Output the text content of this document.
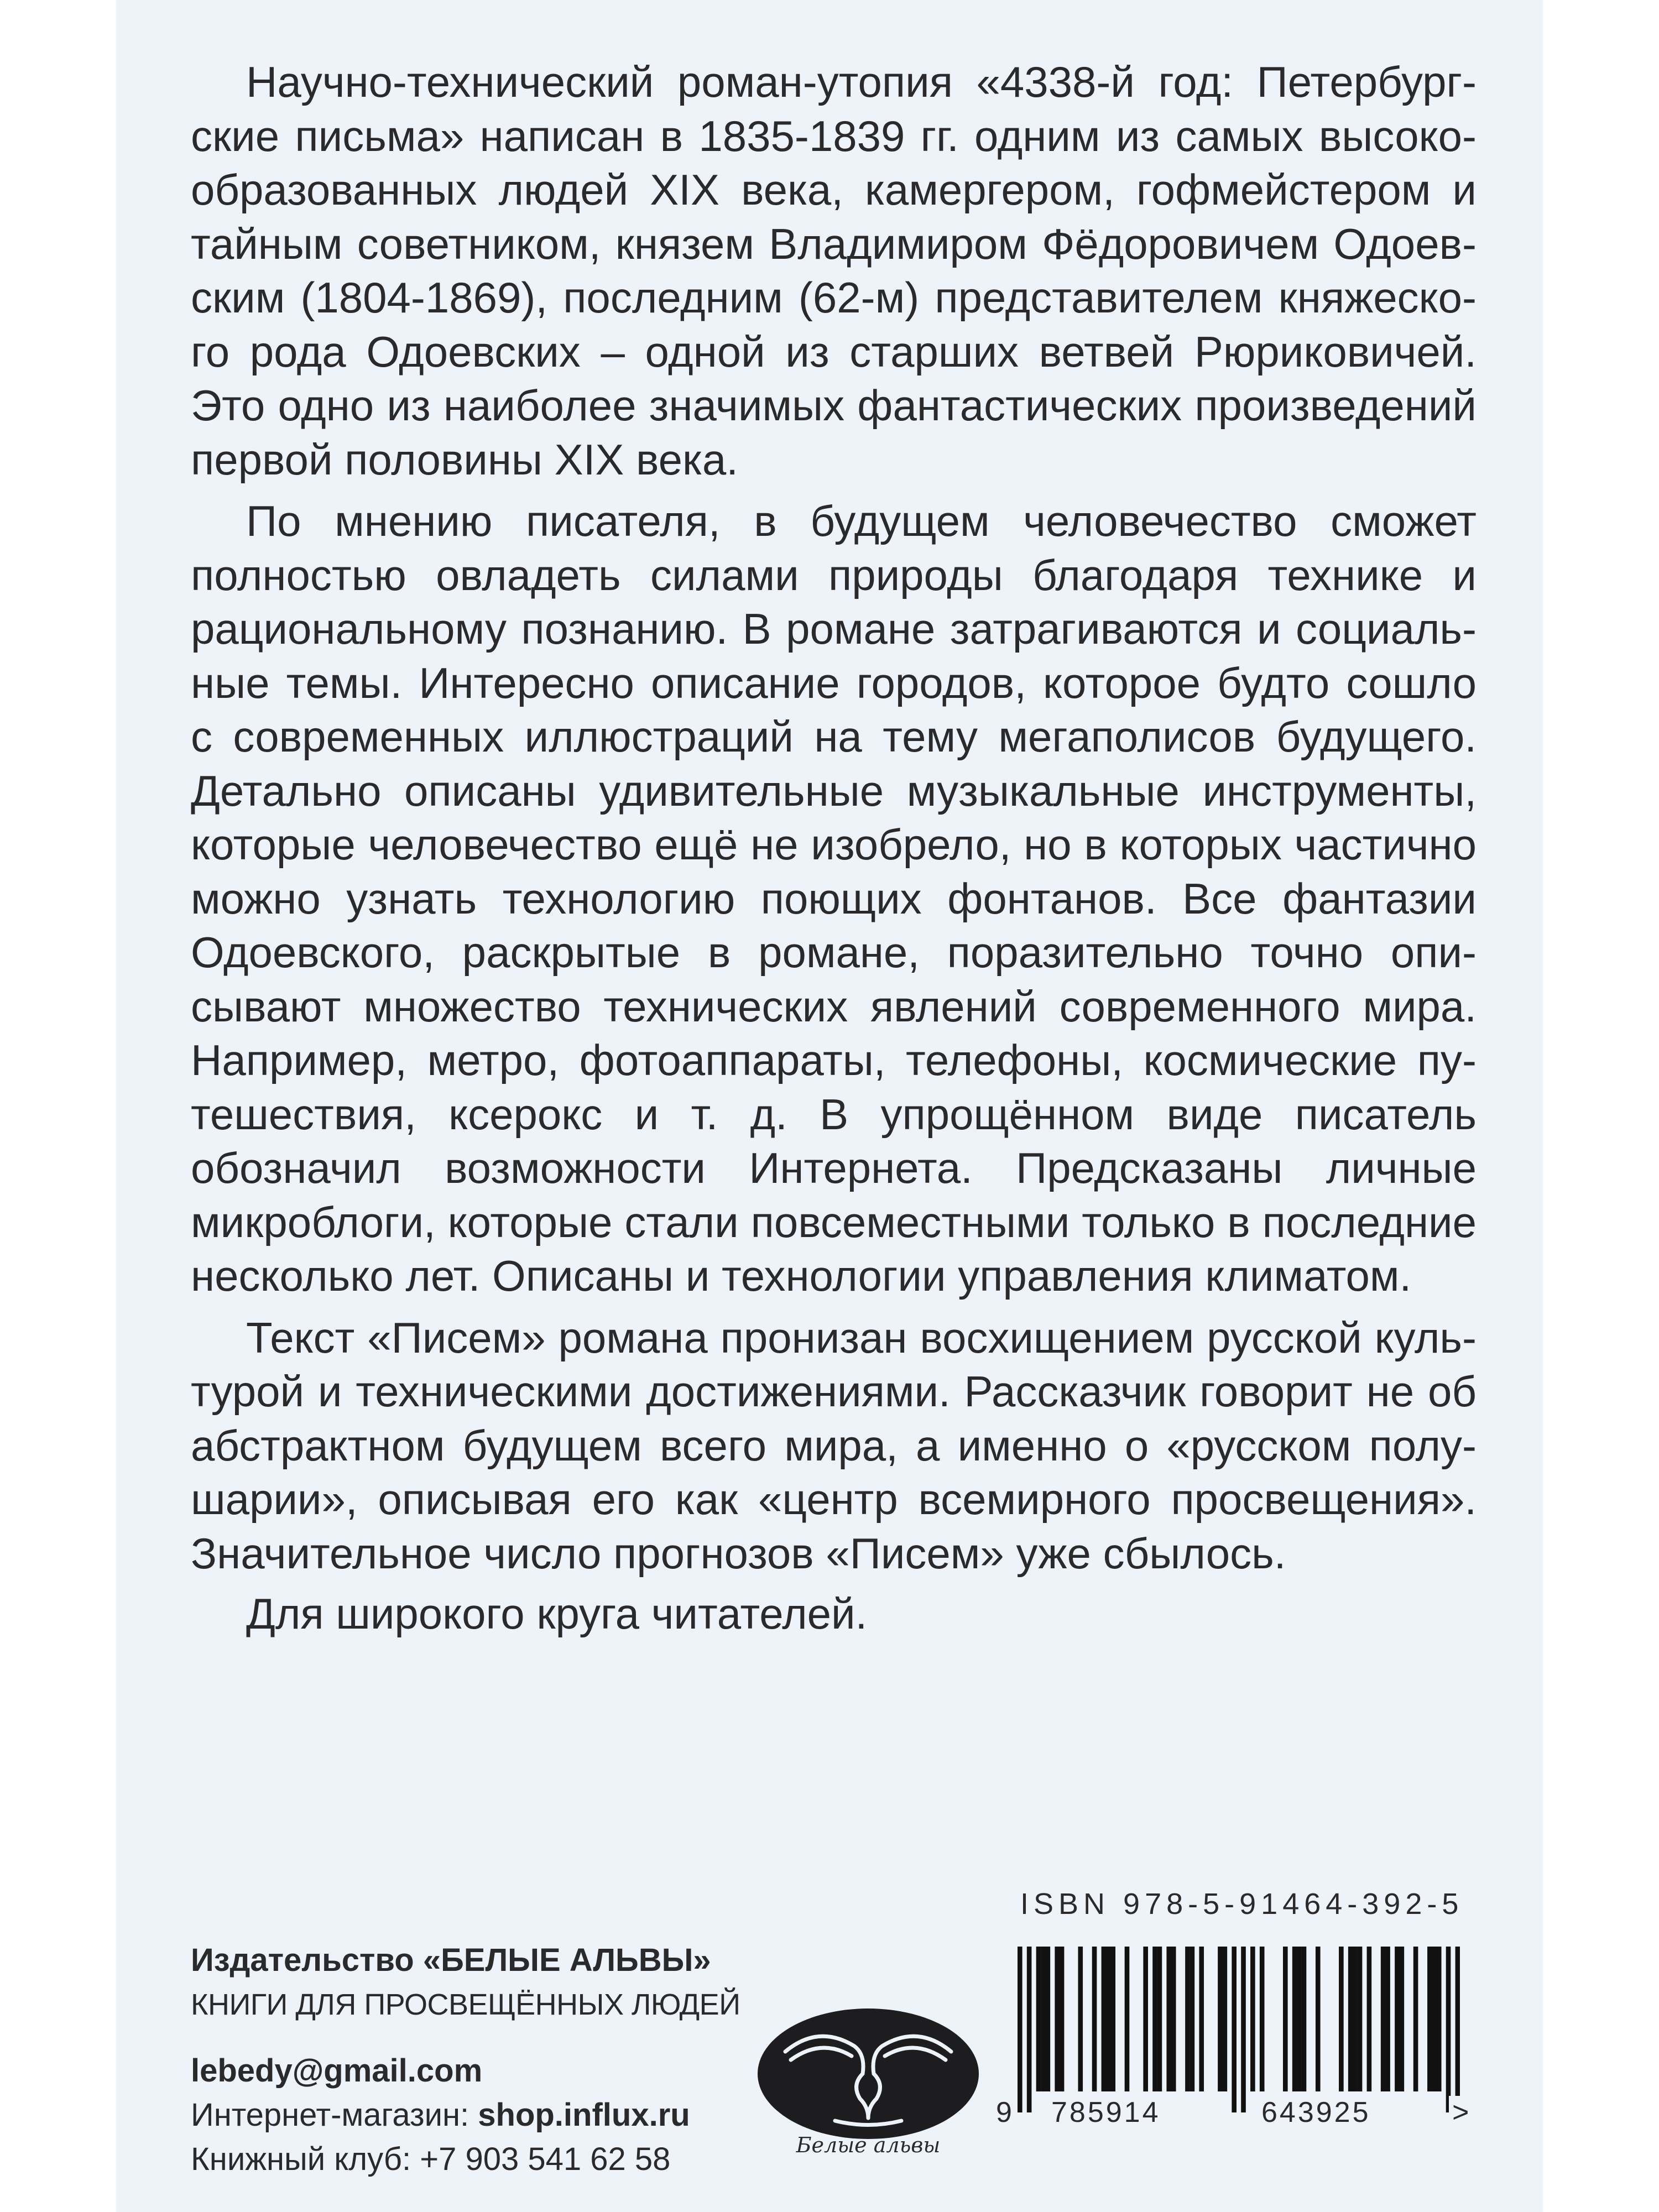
Научно-технический роман-утопия «4338-й год: Петербургские письма» написан в 1835-1839 гг. одним из самых высокообразованных людей XIX века, камергером, гофмейстером и тайным советником, князем Владимиром Фёдоровичем Одоевским (1804-1869), последним (62-м) представителем княжеского рода Одоевских – одной из старших ветвей Рюриковичей. Это одно из наиболее значимых фантастических произведений первой половины XIX века.

По мнению писателя, в будущем человечество сможет полностью овладеть силами природы благодаря технике и рациональному познанию. В романе затрагиваются и социальные темы. Интересно описание городов, которое будто сошло с современных иллюстраций на тему мегаполисов будущего. Детально описаны удивительные музыкальные инструменты, которые человечество ещё не изобрело, но в которых частично можно узнать технологию поющих фонтанов. Все фантазии Одоевского, раскрытые в романе, поразительно точно описывают множество технических явлений современного мира. Например, метро, фотоаппараты, телефоны, космические путешествия, ксерокс и т. д. В упрощённом виде писатель обозначил возможности Интернета. Предсказаны личные микроблоги, которые стали повсеместными только в последние несколько лет. Описаны и технологии управления климатом.

Текст «Писем» романа пронизан восхищением русской культурой и техническими достижениями. Рассказчик говорит не об абстрактном будущем всего мира, а именно о «русском полушарии», описывая его как «центр всемирного просвещения». Значительное число прогнозов «Писем» уже сбылось.

Для широкого круга читателей.
Издательство «БЕЛЫЕ АЛЬВЫ»
КНИГИ ДЛЯ ПРОСВЕЩЁННЫХ ЛЮДЕЙ
lebedy@gmail.com
Интернет-магазин: shop.influx.ru
Книжный клуб: +7 903 541 62 58	Белые альвы
ISBN 978-5-91464-392-5
9 785914	643925	>
